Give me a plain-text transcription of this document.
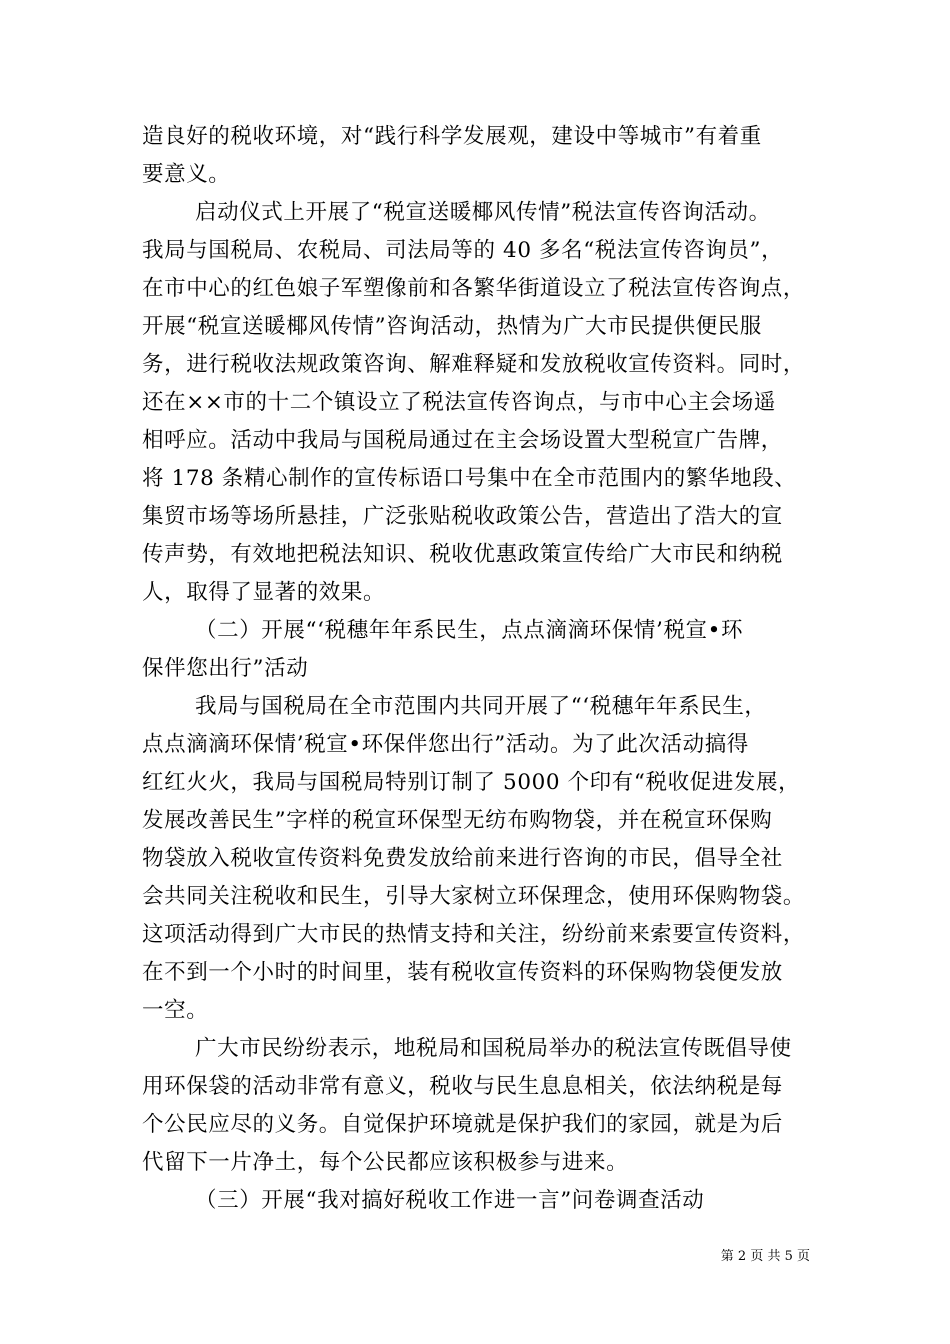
造良好的税收环境，对“践行科学发展观，建设中等城市”有着重
要意义。
启动仪式上开展了“税宣送暖椰风传情”税法宣传咨询活动。
我局与国税局、农税局、司法局等的 40 多名“税法宣传咨询员”，
在市中心的红色娘子军塑像前和各繁华街道设立了税法宣传咨询点，
开展“税宣送暖椰风传情”咨询活动，热情为广大市民提供便民服
务，进行税收法规政策咨询、解难释疑和发放税收宣传资料。同时，
还在××市的十二个镇设立了税法宣传咨询点，与市中心主会场遥
相呼应。活动中我局与国税局通过在主会场设置大型税宣广告牌，
将 178 条精心制作的宣传标语口号集中在全市范围内的繁华地段、
集贸市场等场所悬挂，广泛张贴税收政策公告，营造出了浩大的宣
传声势，有效地把税法知识、税收优惠政策宣传给广大市民和纳税
人，取得了显著的效果。
（二）开展“‘税穗年年系民生，点点滴滴环保情’税宣•环
保伴您出行”活动
我局与国税局在全市范围内共同开展了“‘税穗年年系民生，
点点滴滴环保情’税宣•环保伴您出行”活动。为了此次活动搞得
红红火火，我局与国税局特别订制了 5000 个印有“税收促进发展，
发展改善民生”字样的税宣环保型无纺布购物袋，并在税宣环保购
物袋放入税收宣传资料免费发放给前来进行咨询的市民，倡导全社
会共同关注税收和民生，引导大家树立环保理念，使用环保购物袋。
这项活动得到广大市民的热情支持和关注，纷纷前来索要宣传资料，
在不到一个小时的时间里，装有税收宣传资料的环保购物袋便发放
一空。
广大市民纷纷表示，地税局和国税局举办的税法宣传既倡导使
用环保袋的活动非常有意义，税收与民生息息相关，依法纳税是每
个公民应尽的义务。自觉保护环境就是保护我们的家园，就是为后
代留下一片净土，每个公民都应该积极参与进来。
（三）开展“我对搞好税收工作进一言”问卷调查活动
第 2 页 共 5 页
